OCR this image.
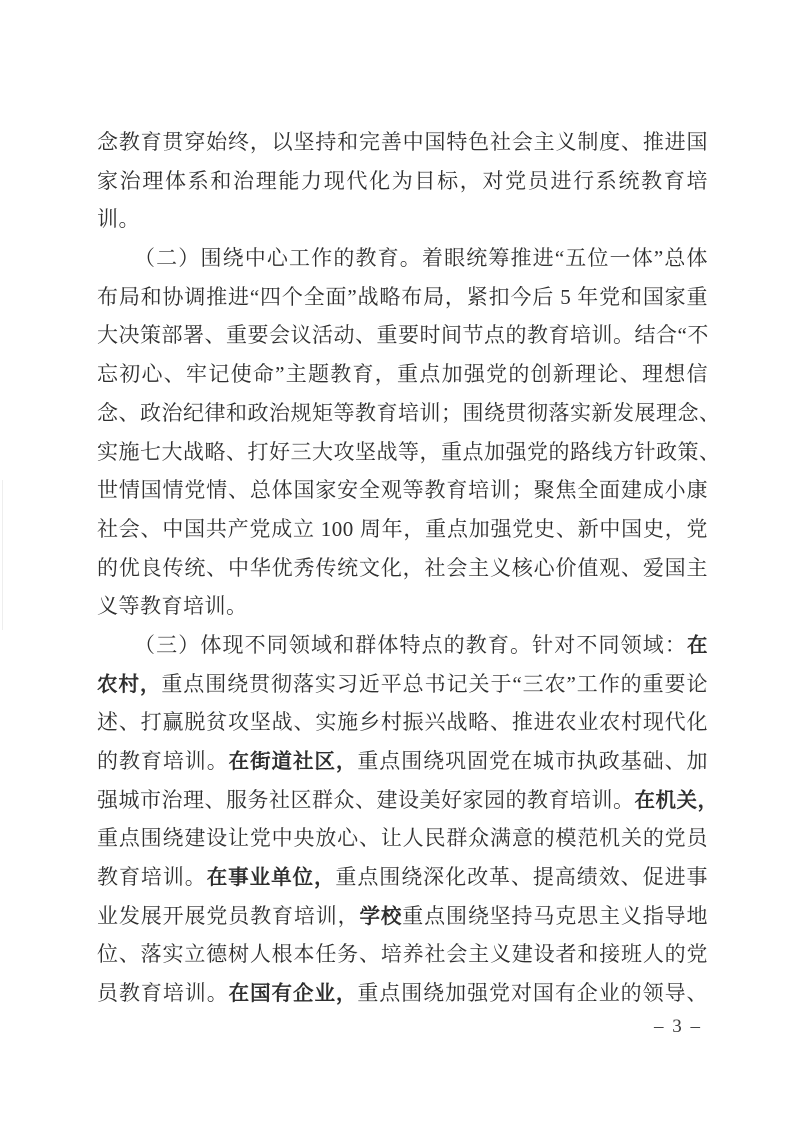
念教育贯穿始终，以坚持和完善中国特色社会主义制度、推进国
家治理体系和治理能力现代化为目标，对党员进行系统教育培
训。
（二）围绕中心工作的教育。着眼统筹推进“五位一体”总体
布局和协调推进“四个全面”战略布局，紧扣今后 5 年党和国家重
大决策部署、重要会议活动、重要时间节点的教育培训。结合“不
忘初心、牢记使命”主题教育，重点加强党的创新理论、理想信
念、政治纪律和政治规矩等教育培训；围绕贯彻落实新发展理念、
实施七大战略、打好三大攻坚战等，重点加强党的路线方针政策、
世情国情党情、总体国家安全观等教育培训；聚焦全面建成小康
社会、中国共产党成立 100 周年，重点加强党史、新中国史，党
的优良传统、中华优秀传统文化，社会主义核心价值观、爱国主
义等教育培训。
（三）体现不同领域和群体特点的教育。针对不同领域：在
农村，重点围绕贯彻落实习近平总书记关于“三农”工作的重要论
述、打赢脱贫攻坚战、实施乡村振兴战略、推进农业农村现代化
的教育培训。在街道社区，重点围绕巩固党在城市执政基础、加
强城市治理、服务社区群众、建设美好家园的教育培训。在机关，
重点围绕建设让党中央放心、让人民群众满意的模范机关的党员
教育培训。在事业单位，重点围绕深化改革、提高绩效、促进事
业发展开展党员教育培训，学校重点围绕坚持马克思主义指导地
位、落实立德树人根本任务、培养社会主义建设者和接班人的党
员教育培训。在国有企业，重点围绕加强党对国有企业的领导、
– 3 –
